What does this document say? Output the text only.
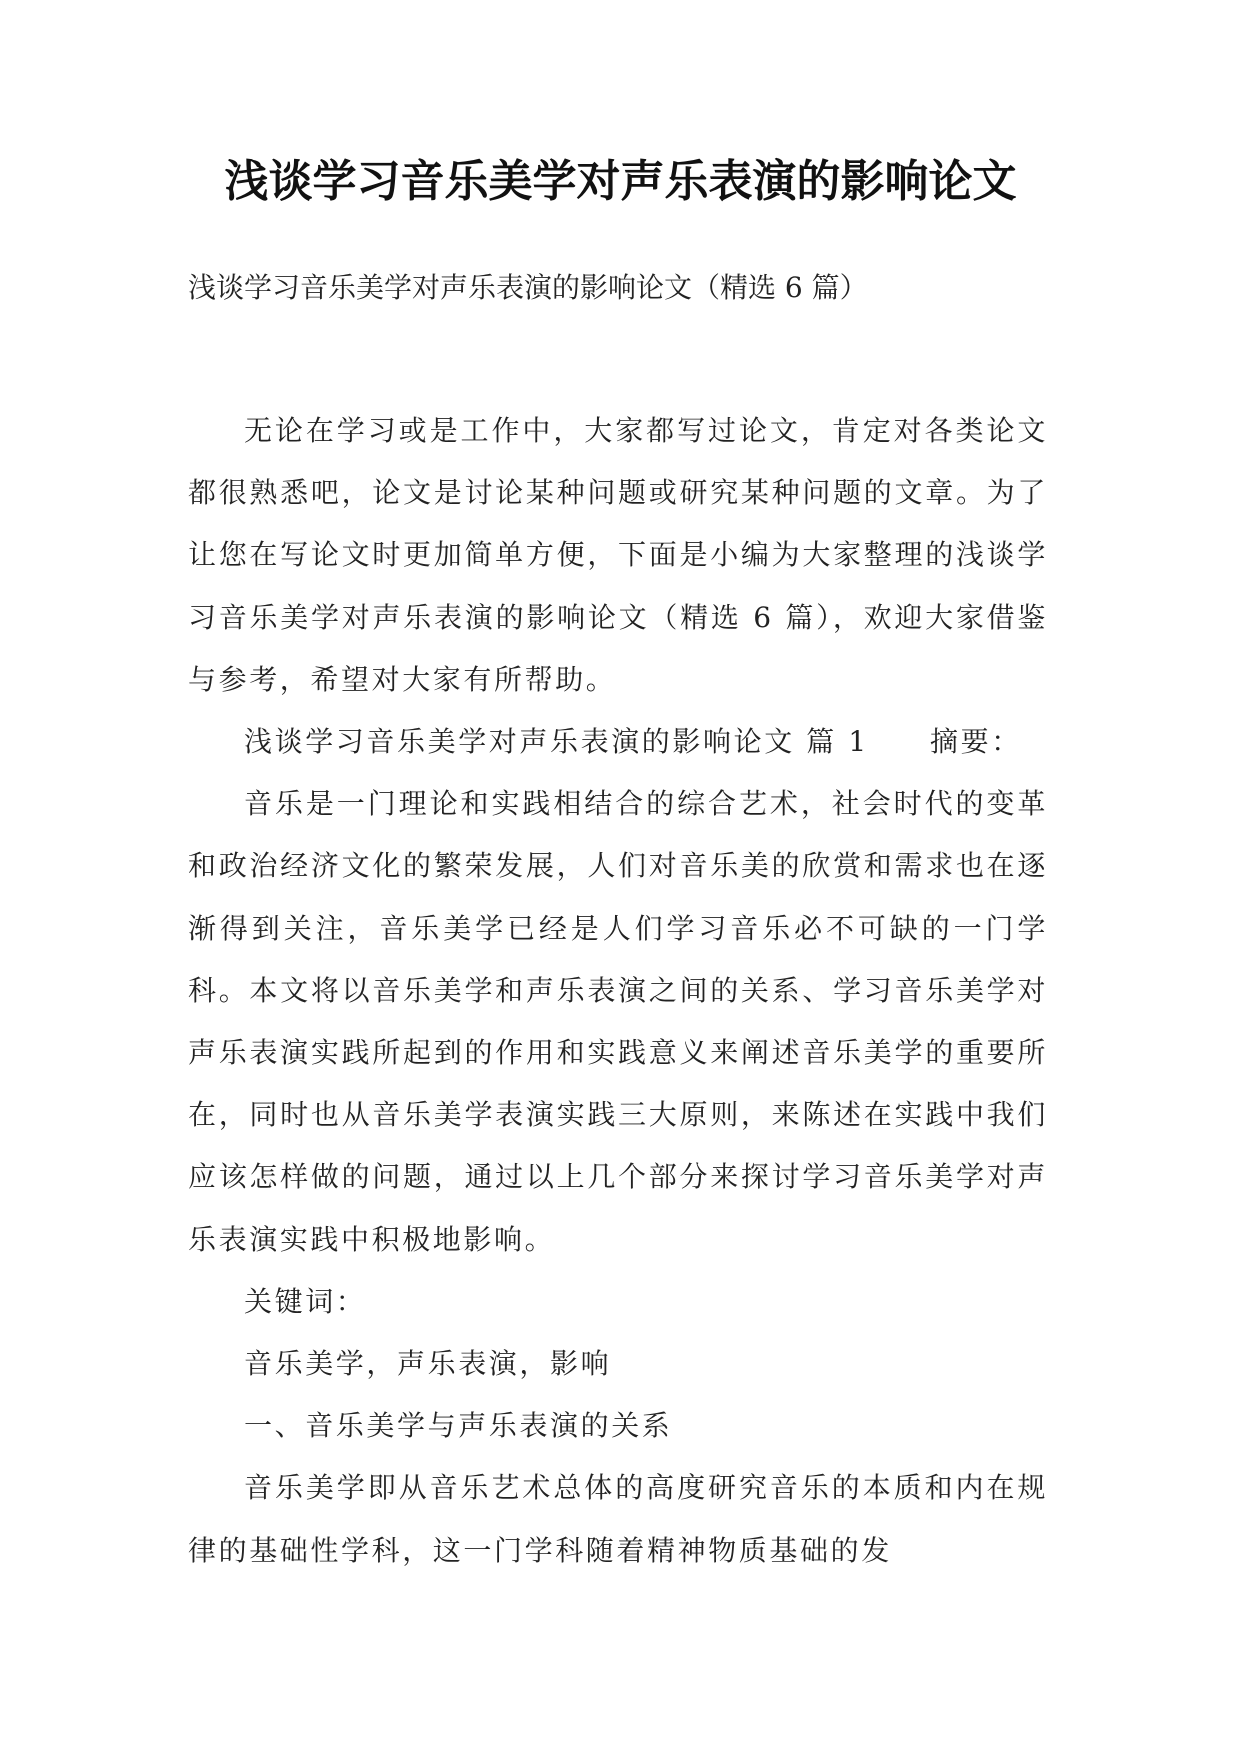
浅谈学习音乐美学对声乐表演的影响论文
浅谈学习音乐美学对声乐表演的影响论文（精选 6 篇）

无论在学习或是工作中，大家都写过论文，肯定对各类论文都很熟悉吧，论文是讨论某种问题或研究某种问题的文章。为了让您在写论文时更加简单方便，下面是小编为大家整理的浅谈学习音乐美学对声乐表演的影响论文（精选 6 篇），欢迎大家借鉴与参考，希望对大家有所帮助。

浅谈学习音乐美学对声乐表演的影响论文 篇 1　　摘要：

音乐是一门理论和实践相结合的综合艺术，社会时代的变革和政治经济文化的繁荣发展，人们对音乐美的欣赏和需求也在逐渐得到关注，音乐美学已经是人们学习音乐必不可缺的一门学科。本文将以音乐美学和声乐表演之间的关系、学习音乐美学对声乐表演实践所起到的作用和实践意义来阐述音乐美学的重要所在，同时也从音乐美学表演实践三大原则，来陈述在实践中我们应该怎样做的问题，通过以上几个部分来探讨学习音乐美学对声乐表演实践中积极地影响。

关键词：

音乐美学，声乐表演，影响

一、音乐美学与声乐表演的关系

音乐美学即从音乐艺术总体的高度研究音乐的本质和内在规律的基础性学科，这一门学科随着精神物质基础的发
